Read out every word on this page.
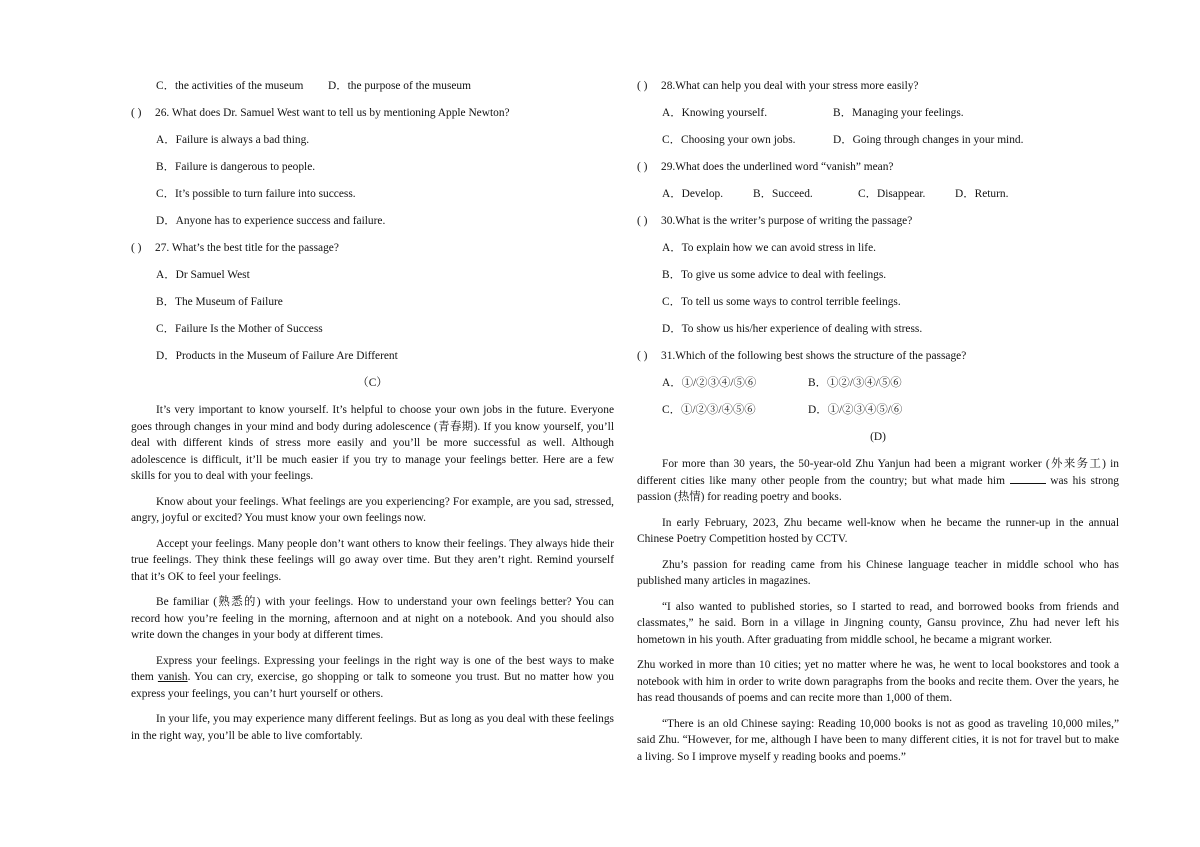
C．the activities of the museum	D．the purpose of the museum
( ) 26. What does Dr. Samuel West want to tell us by mentioning Apple Newton?
A．Failure is always a bad thing.
B．Failure is dangerous to people.
C．It’s possible to turn failure into success.
D．Anyone has to experience success and failure.
( ) 27. What’s the best title for the passage?
A．Dr Samuel West
B．The Museum of Failure
C．Failure Is the Mother of Success
D．Products in the Museum of Failure Are Different
（C）

It’s very important to know yourself. It’s helpful to choose your own jobs in the future. Everyone goes through changes in your mind and body during adolescence (青春期). If you know yourself, you’ll deal with different kinds of stress more easily and you’ll be more successful as well. Although adolescence is difficult, it’ll be much easier if you try to manage your feelings better. Here are a few skills for you to deal with your feelings.

Know about your feelings. What feelings are you experiencing? For example, are you sad, stressed, angry, joyful or excited? You must know your own feelings now.

Accept your feelings. Many people don’t want others to know their feelings. They always hide their true feelings. They think these feelings will go away over time. But they aren’t right. Remind yourself that it’s OK to feel your feelings.

Be familiar (熟悉的) with your feelings. How to understand your own feelings better? You can record how you’re feeling in the morning, afternoon and at night on a notebook. And you should also write down the changes in your body at different times.

Express your feelings. Expressing your feelings in the right way is one of the best ways to make them vanish. You can cry, exercise, go shopping or talk to someone you trust. But no matter how you express your feelings, you can’t hurt yourself or others.

In your life, you may experience many different feelings. But as long as you deal with these feelings in the right way, you’ll be able to live comfortably.

( ) 28.What can help you deal with your stress more easily?
A．Knowing yourself.	B．Managing your feelings.
C．Choosing your own jobs.	D．Going through changes in your mind.
( ) 29.What does the underlined word “vanish” mean?
A．Develop.	B．Succeed.	C．Disappear.	D．Return.
( ) 30.What is the writer’s purpose of writing the passage?
A．To explain how we can avoid stress in life.
B．To give us some advice to deal with feelings.
C．To tell us some ways to control terrible feelings.
D．To show us his/her experience of dealing with stress.
( ) 31.Which of the following best shows the structure of the passage?
A．①/②③④/⑤⑥	B．①②/③④/⑤⑥
C．①/②③/④⑤⑥	D．①/②③④⑤/⑥
(D)

For more than 30 years, the 50-year-old Zhu Yanjun had been a migrant worker (外来务工) in different cities like many other people from the country; but what made him	was his strong passion (热情) for reading poetry and books.

In early February, 2023, Zhu became well-know when he became the runner-up in the annual Chinese Poetry Competition hosted by CCTV.

Zhu’s passion for reading came from his Chinese language teacher in middle school who has published many articles in magazines.

“I also wanted to published stories, so I started to read, and borrowed books from friends and classmates,” he said. Born in a village in Jingning county, Gansu province, Zhu had never left his hometown in his youth. After graduating from middle school, he became a migrant worker.

Zhu worked in more than 10 cities; yet no matter where he was, he went to local bookstores and took a notebook with him in order to write down paragraphs from the books and recite them. Over the years, he has read thousands of poems and can recite more than 1,000 of them.

“There is an old Chinese saying: Reading 10,000 books is not as good as traveling 10,000 miles,” said Zhu. “However, for me, although I have been to many different cities, it is not for travel but to make a living. So I improve myself y reading books and poems.”
